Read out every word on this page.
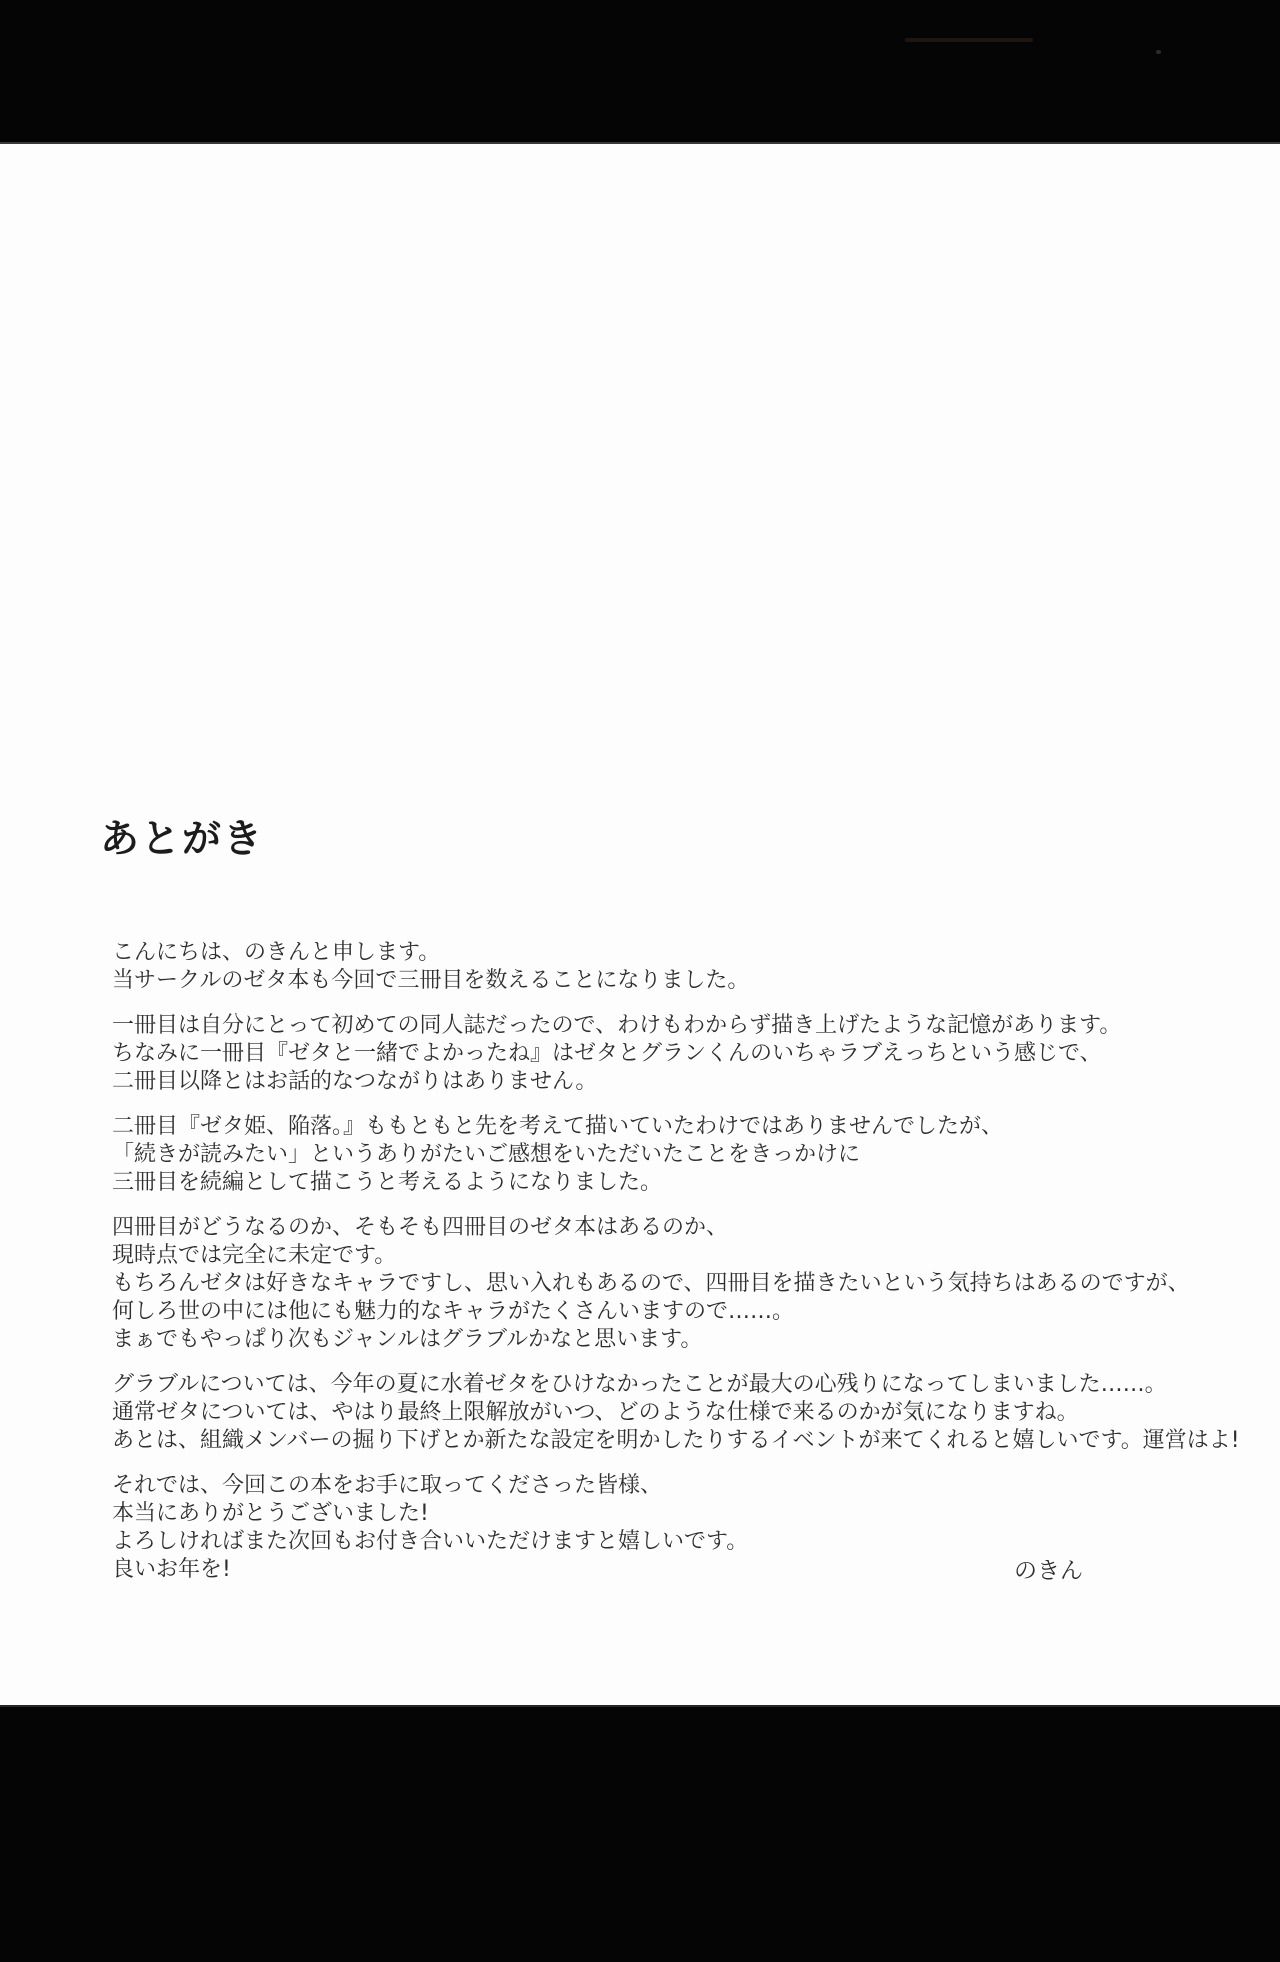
あとがき
こんにちは、のきんと申します。
当サークルのゼタ本も今回で三冊目を数えることになりました。
一冊目は自分にとって初めての同人誌だったので、わけもわからず描き上げたような記憶があります。
ちなみに一冊目『ゼタと一緒でよかったね』はゼタとグランくんのいちゃラブえっちという感じで、
二冊目以降とはお話的なつながりはありません。
二冊目『ゼタ姫、陥落。』ももともと先を考えて描いていたわけではありませんでしたが、
「続きが読みたい」というありがたいご感想をいただいたことをきっかけに
三冊目を続編として描こうと考えるようになりました。
四冊目がどうなるのか、そもそも四冊目のゼタ本はあるのか、
現時点では完全に未定です。
もちろんゼタは好きなキャラですし、思い入れもあるので、四冊目を描きたいという気持ちはあるのですが、
何しろ世の中には他にも魅力的なキャラがたくさんいますので……。
まぁでもやっぱり次もジャンルはグラブルかなと思います。
グラブルについては、今年の夏に水着ゼタをひけなかったことが最大の心残りになってしまいました……。
通常ゼタについては、やはり最終上限解放がいつ、どのような仕様で来るのかが気になりますね。
あとは、組織メンバーの掘り下げとか新たな設定を明かしたりするイベントが来てくれると嬉しいです。運営はよ!
それでは、今回この本をお手に取ってくださった皆様、
本当にありがとうございました!
よろしければまた次回もお付き合いいただけますと嬉しいです。
良いお年を!	のきん
